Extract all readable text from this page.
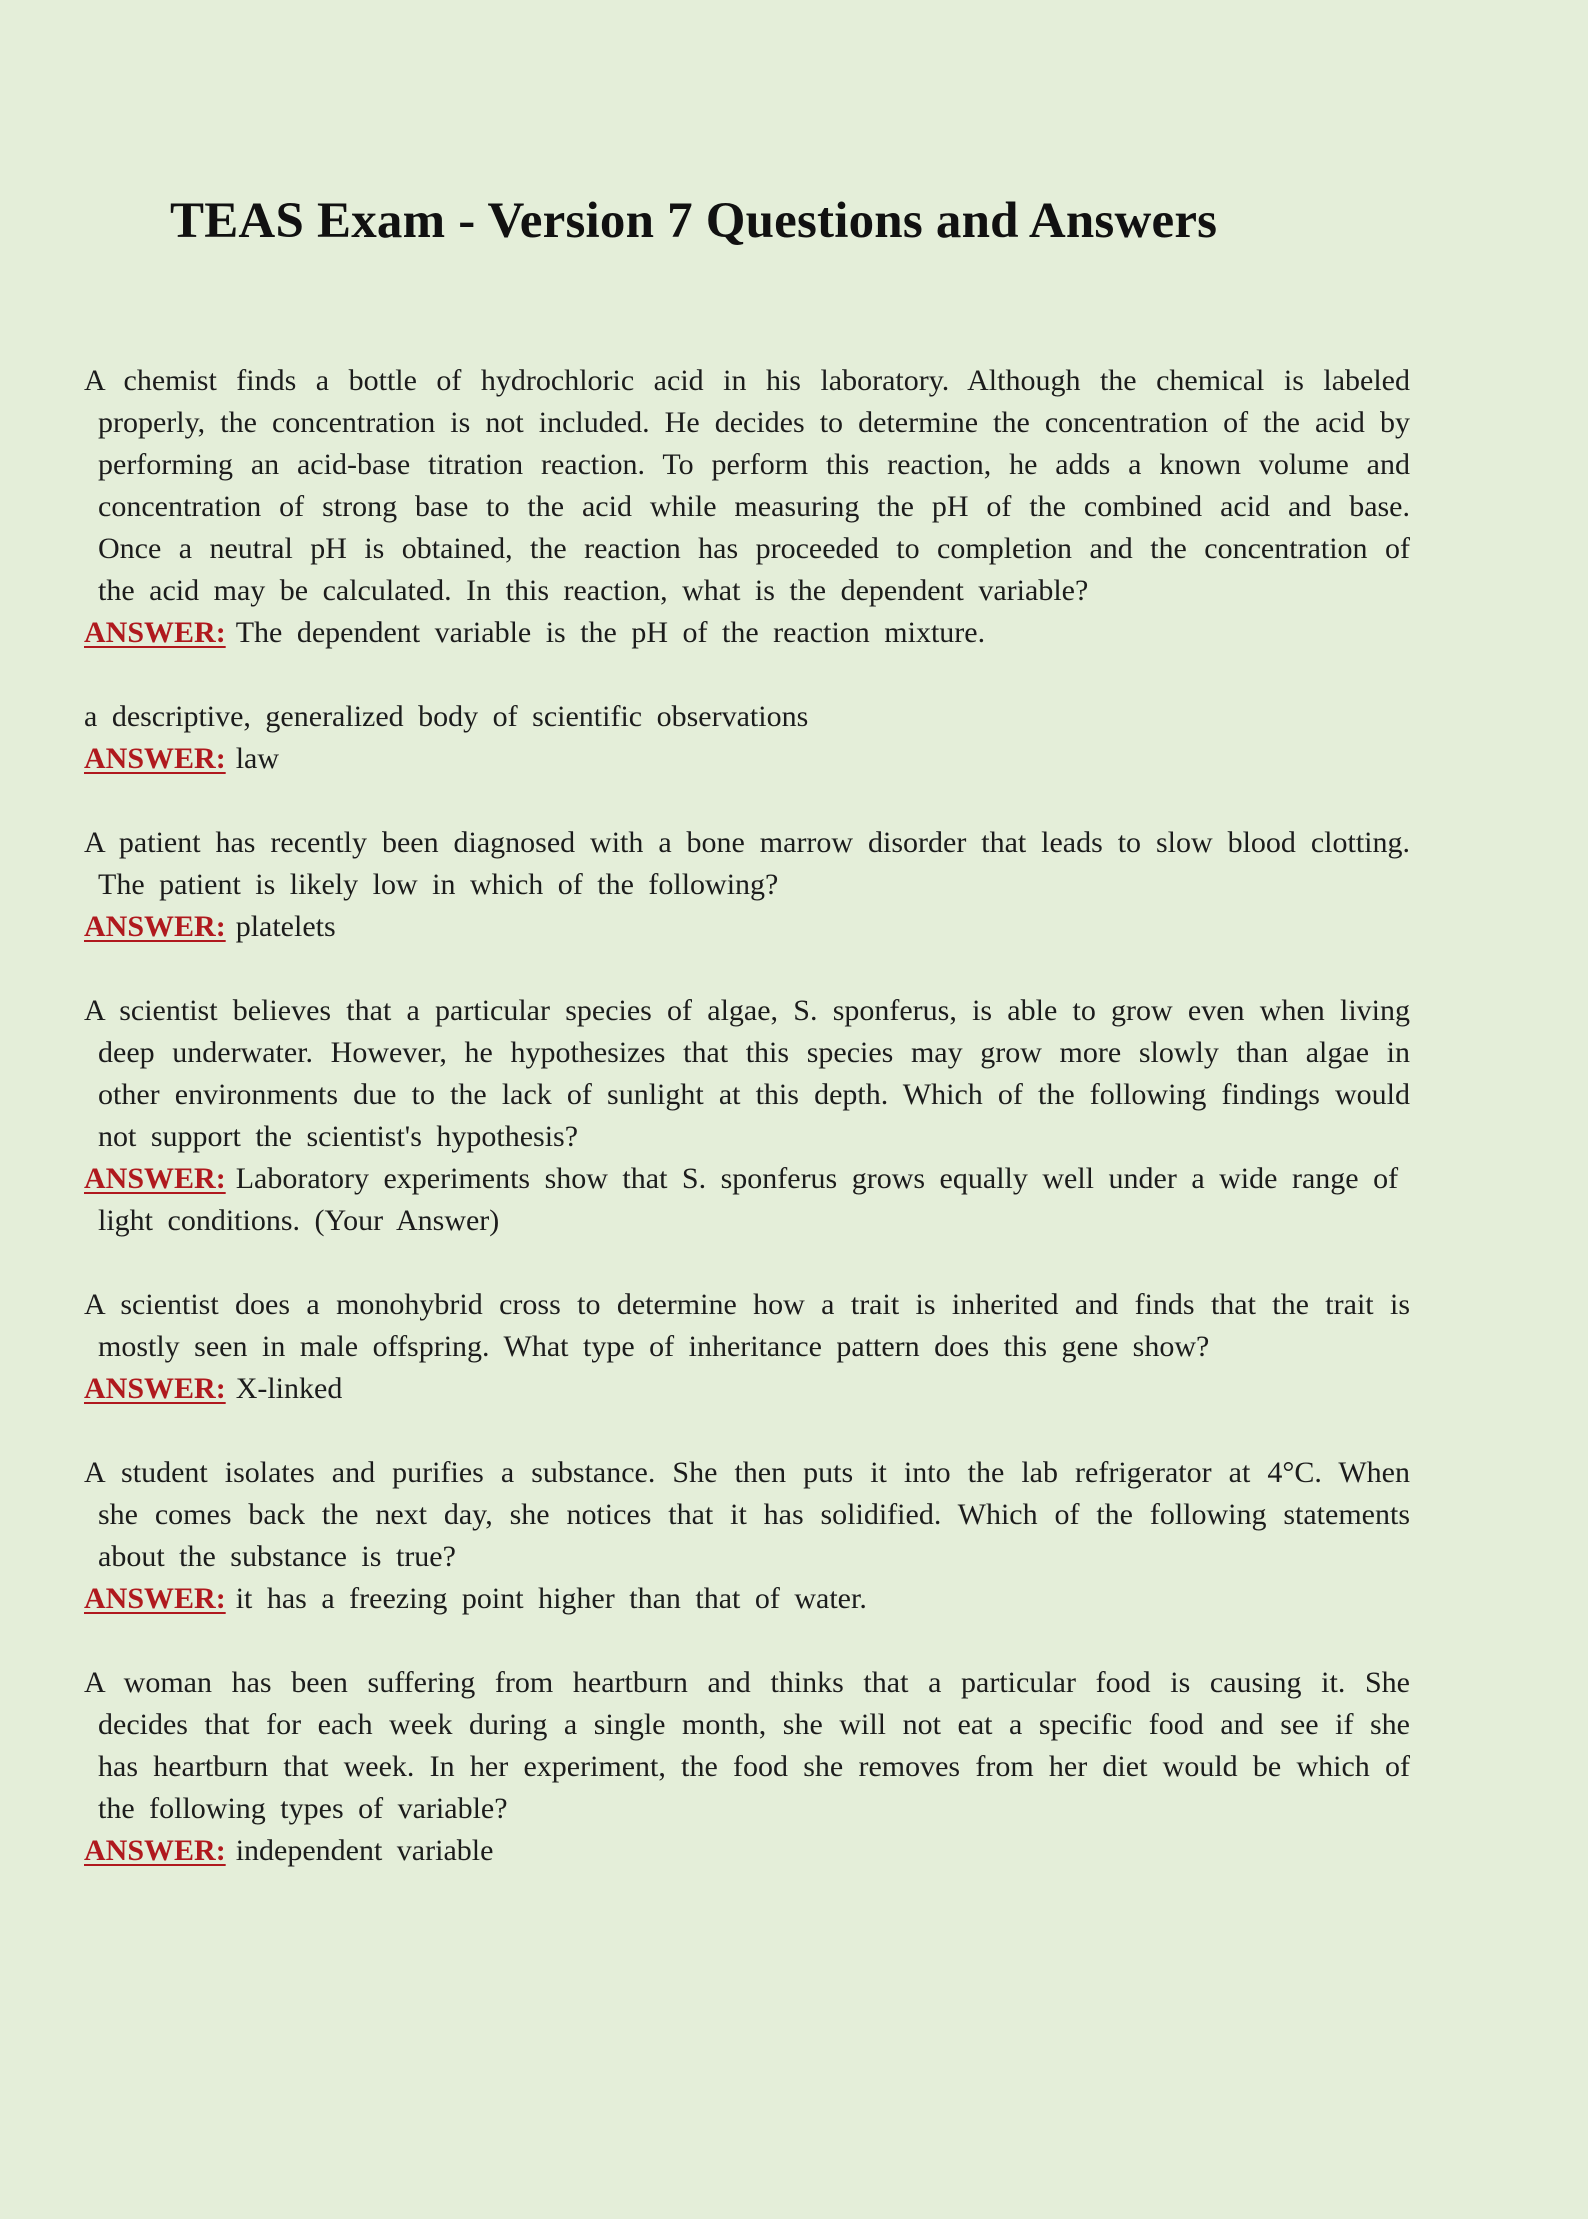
TEAS Exam - Version 7 Questions and Answers
A chemist finds a bottle of hydrochloric acid in his laboratory. Although the chemical is labeled properly, the concentration is not included. He decides to determine the concentration of the acid by performing an acid-base titration reaction. To perform this reaction, he adds a known volume and concentration of strong base to the acid while measuring the pH of the combined acid and base. Once a neutral pH is obtained, the reaction has proceeded to completion and the concentration of the acid may be calculated. In this reaction, what is the dependent variable?
ANSWER: The dependent variable is the pH of the reaction mixture.
a descriptive, generalized body of scientific observations
ANSWER: law
A patient has recently been diagnosed with a bone marrow disorder that leads to slow blood clotting. The patient is likely low in which of the following?
ANSWER: platelets
A scientist believes that a particular species of algae, S. sponferus, is able to grow even when living deep underwater. However, he hypothesizes that this species may grow more slowly than algae in other environments due to the lack of sunlight at this depth. Which of the following findings would not support the scientist's hypothesis?
ANSWER: Laboratory experiments show that S. sponferus grows equally well under a wide range of light conditions. (Your Answer)
A scientist does a monohybrid cross to determine how a trait is inherited and finds that the trait is mostly seen in male offspring. What type of inheritance pattern does this gene show?
ANSWER: X-linked
A student isolates and purifies a substance. She then puts it into the lab refrigerator at 4°C. When she comes back the next day, she notices that it has solidified. Which of the following statements about the substance is true?
ANSWER: it has a freezing point higher than that of water.
A woman has been suffering from heartburn and thinks that a particular food is causing it. She decides that for each week during a single month, she will not eat a specific food and see if she has heartburn that week. In her experiment, the food she removes from her diet would be which of the following types of variable?
ANSWER: independent variable
